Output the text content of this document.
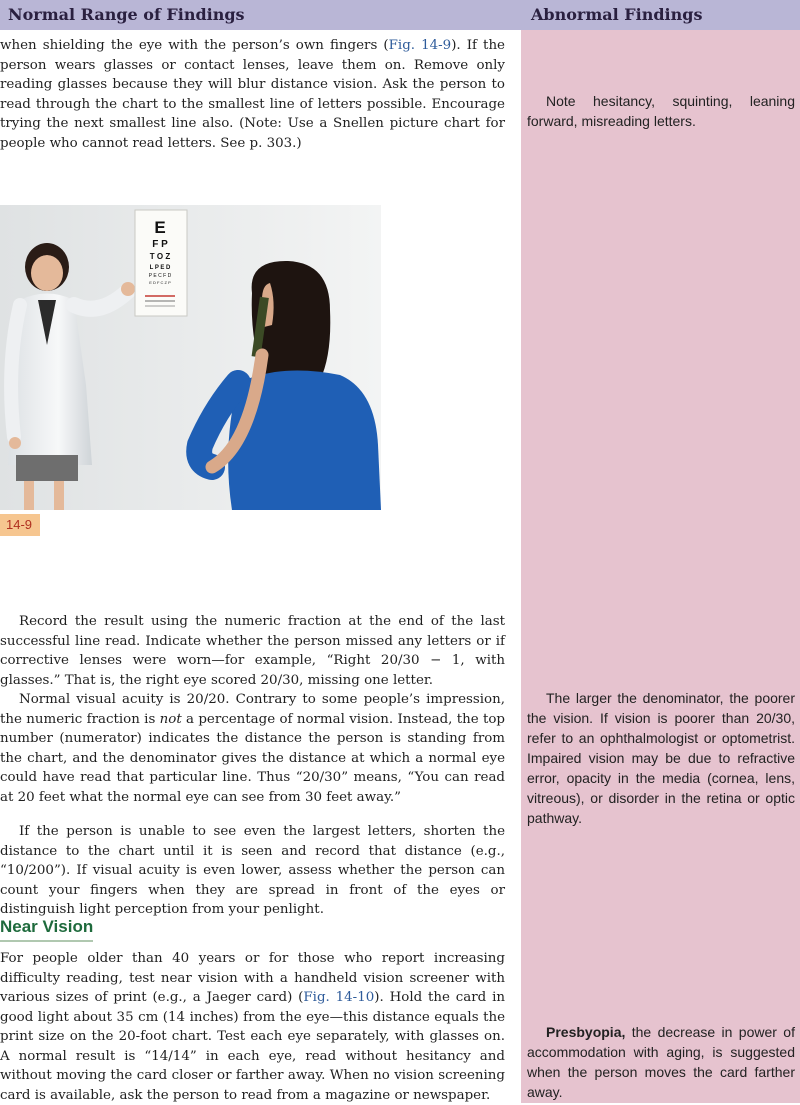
Normal Range of Findings	Abnormal Findings

when shielding the eye with the person’s own fingers (Fig. 14-9). If the person wears glasses or contact lenses, leave them on. Remove only reading glasses because they will blur distance vision. Ask the person to read through the chart to the smallest line of letters possible. Encourage trying the next smallest line also. (Note: Use a Snellen picture chart for people who cannot read letters. See p. 303.)

E
F P
T O Z
L P E D
P E C F D
E D F C Z P
14-9

Record the result using the numeric fraction at the end of the last successful line read. Indicate whether the person missed any letters or if corrective lenses were worn—for example, “Right 20/30 − 1, with glasses.” That is, the right eye scored 20/30, missing one letter.

Normal visual acuity is 20/20. Contrary to some people’s impression, the numeric fraction is not a percentage of normal vision. Instead, the top number (numerator) indicates the distance the person is standing from the chart, and the denominator gives the distance at which a normal eye could have read that particular line. Thus “20/30” means, “You can read at 20 feet what the normal eye can see from 30 feet away.”

If the person is unable to see even the largest letters, shorten the distance to the chart until it is seen and record that distance (e.g., “10/200”). If visual acuity is even lower, assess whether the person can count your fingers when they are spread in front of the eyes or distinguish light perception from your penlight.

Near Vision

For people older than 40 years or for those who report increasing difficulty reading, test near vision with a handheld vision screener with various sizes of print (e.g., a Jaeger card) (Fig. 14-10). Hold the card in good light about 35 cm (14 inches) from the eye—this distance equals the print size on the 20-foot chart. Test each eye separately, with glasses on. A normal result is “14/14” in each eye, read without hesitancy and without moving the card closer or farther away. When no vision screening card is available, ask the person to read from a magazine or newspaper.

Note hesitancy, squinting, leaning forward, misreading letters.

The larger the denominator, the poorer the vision. If vision is poorer than 20/30, refer to an ophthalmologist or optometrist. Impaired vision may be due to refractive error, opacity in the media (cornea, lens, vitreous), or disorder in the retina or optic pathway.

Presbyopia, the decrease in power of accommodation with aging, is suggested when the person moves the card farther away.
